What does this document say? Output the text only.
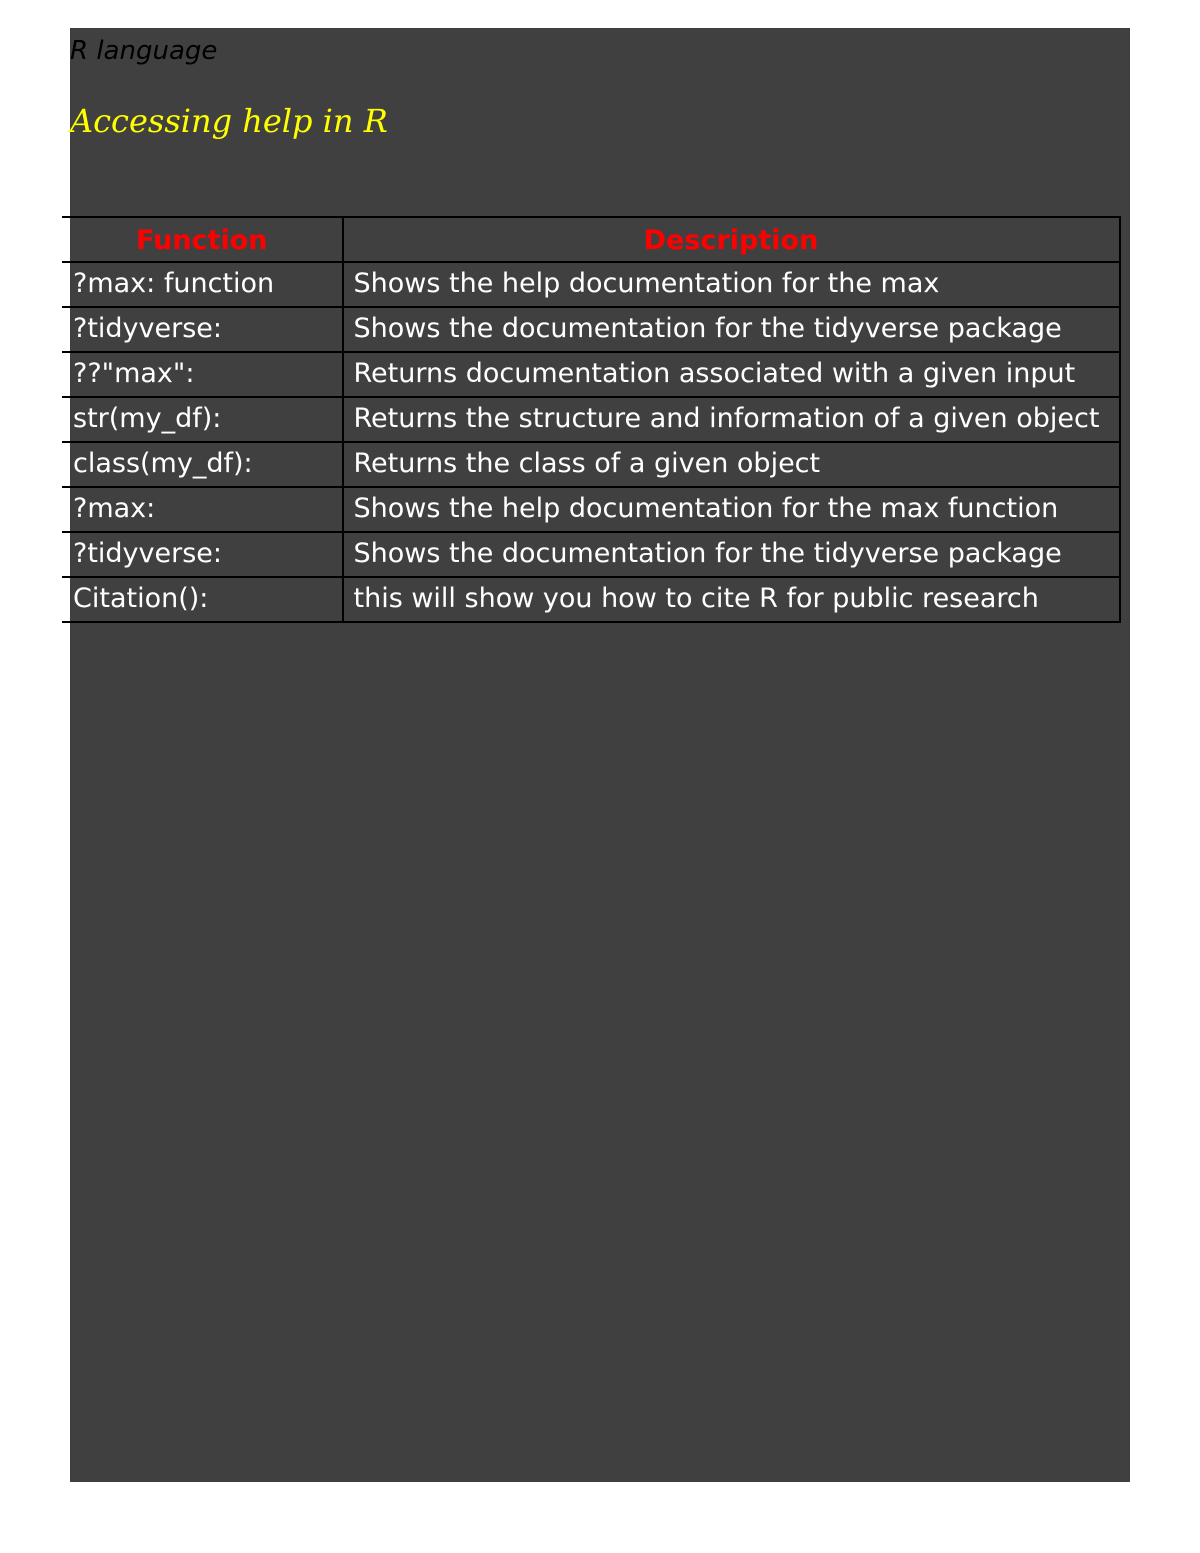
R language
Accessing help in R
Function	Description
?max: function	Shows the help documentation for the max
?tidyverse:	Shows the documentation for the tidyverse package
??"max":	Returns documentation associated with a given input
str(my_df):	Returns the structure and information of a given object
class(my_df):	Returns the class of a given object
?max:	Shows the help documentation for the max function
?tidyverse:	Shows the documentation for the tidyverse package
Citation():	this will show you how to cite R for public research
